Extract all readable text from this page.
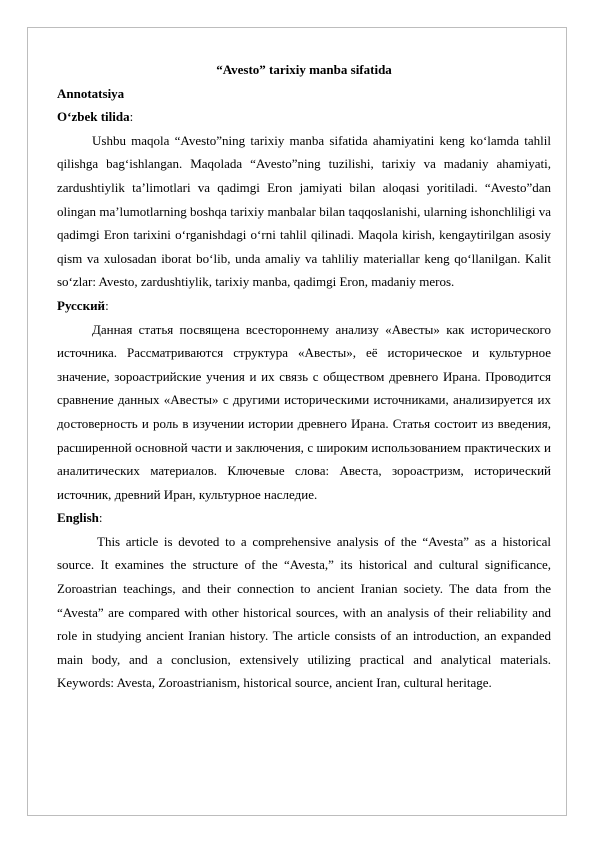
“Avesto” tarixiy manba sifatida

Annotatsiya

O‘zbek tilida:

Ushbu maqola “Avesto”ning tarixiy manba sifatida ahamiyatini keng ko‘lamda tahlil qilishga bag‘ishlangan. Maqolada “Avesto”ning tuzilishi, tarixiy va madaniy ahamiyati, zardushtiylik ta’limotlari va qadimgi Eron jamiyati bilan aloqasi yoritiladi. “Avesto”dan olingan ma’lumotlarning boshqa tarixiy manbalar bilan taqqoslanishi, ularning ishonchliligi va qadimgi Eron tarixini o‘rganishdagi o‘rni tahlil qilinadi. Maqola kirish, kengaytirilgan asosiy qism va xulosadan iborat bo‘lib, unda amaliy va tahliliy materiallar keng qo‘llanilgan. Kalit so‘zlar: Avesto, zardushtiylik, tarixiy manba, qadimgi Eron, madaniy meros.

Русский:

Данная статья посвящена всестороннему анализу «Авесты» как исторического источника. Рассматриваются структура «Авесты», её историческое и культурное значение, зороастрийские учения и их связь с обществом древнего Ирана. Проводится сравнение данных «Авесты» с другими историческими источниками, анализируется их достоверность и роль в изучении истории древнего Ирана. Статья состоит из введения, расширенной основной части и заключения, с широким использованием практических и аналитических материалов. Ключевые слова: Авеста, зороастризм, исторический источник, древний Иран, культурное наследие.

English:

This article is devoted to a comprehensive analysis of the “Avesta” as a historical source. It examines the structure of the “Avesta,” its historical and cultural significance, Zoroastrian teachings, and their connection to ancient Iranian society. The data from the “Avesta” are compared with other historical sources, with an analysis of their reliability and role in studying ancient Iranian history. The article consists of an introduction, an expanded main body, and a conclusion, extensively utilizing practical and analytical materials. Keywords: Avesta, Zoroastrianism, historical source, ancient Iran, cultural heritage.
